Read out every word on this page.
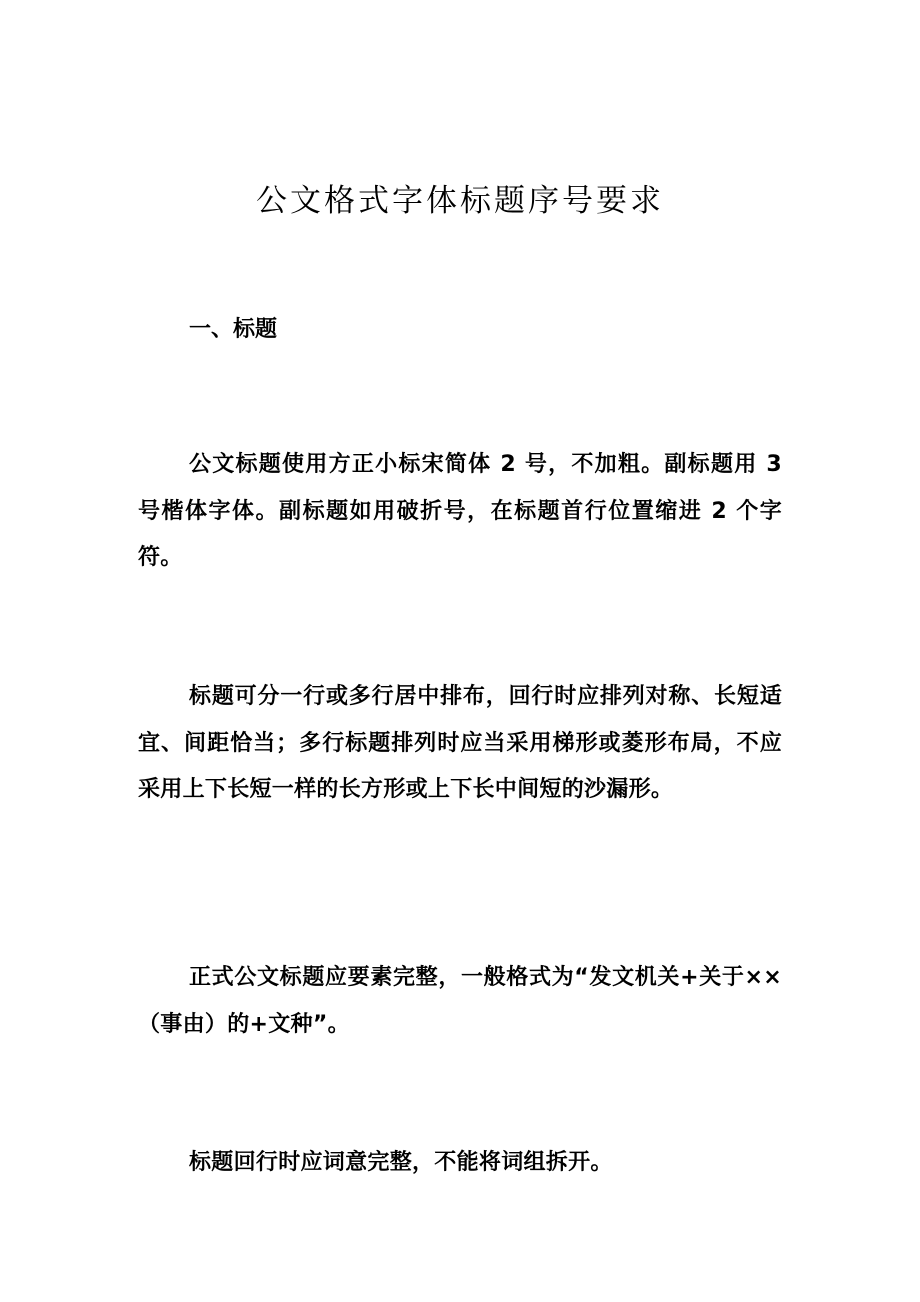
公文格式字体标题序号要求
一、标题

公文标题使用方正小标宋简体 2 号，不加粗。副标题用 3 号楷体字体。副标题如用破折号，在标题首行位置缩进 2 个字符。

标题可分一行或多行居中排布，回行时应排列对称、长短适宜、间距恰当；多行标题排列时应当采用梯形或菱形布局，不应采用上下长短一样的长方形或上下长中间短的沙漏形。

正式公文标题应要素完整，一般格式为“发文机关+关于××（事由）的+文种”。

标题回行时应词意完整，不能将词组拆开。
